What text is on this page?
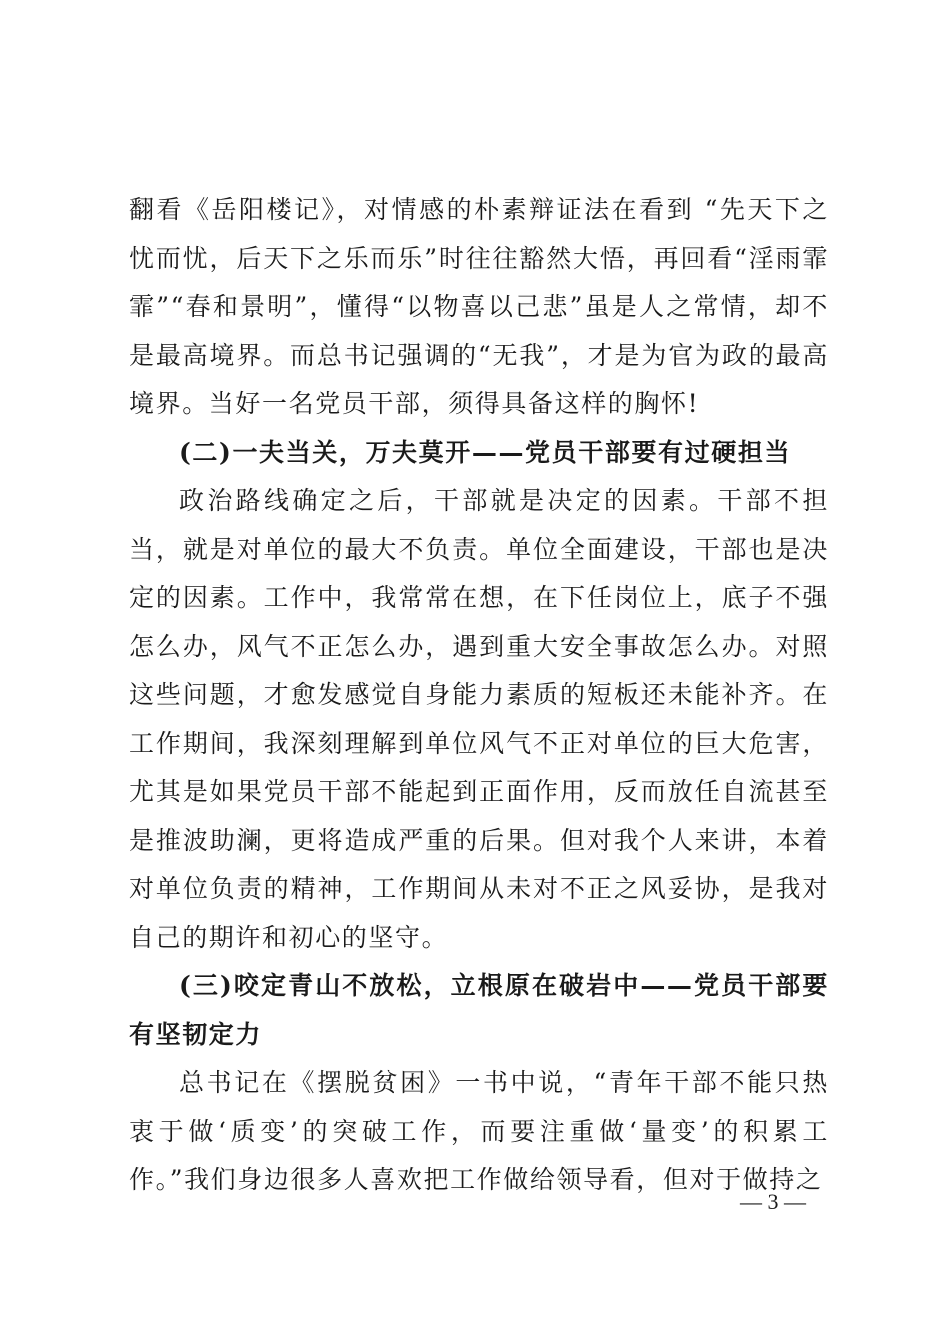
翻看《岳阳楼记》，对情感的朴素辩证法在看到 “先天下之忧而忧，后天下之乐而乐”时往往豁然大悟，再回看“淫雨霏霏”“春和景明”，懂得“以物喜以己悲”虽是人之常情，却不是最高境界。而总书记强调的“无我”，才是为官为政的最高境界。当好一名党员干部，须得具备这样的胸怀!

(二)一夫当关，万夫莫开——党员干部要有过硬担当

政治路线确定之后，干部就是决定的因素。干部不担当，就是对单位的最大不负责。单位全面建设，干部也是决定的因素。工作中，我常常在想，在下任岗位上，底子不强怎么办，风气不正怎么办，遇到重大安全事故怎么办。对照这些问题，才愈发感觉自身能力素质的短板还未能补齐。在工作期间，我深刻理解到单位风气不正对单位的巨大危害，尤其是如果党员干部不能起到正面作用，反而放任自流甚至是推波助澜，更将造成严重的后果。但对我个人来讲，本着对单位负责的精神，工作期间从未对不正之风妥协，是我对自己的期许和初心的坚守。

(三)咬定青山不放松，立根原在破岩中——党员干部要有坚韧定力

总书记在《摆脱贫困》一书中说，“青年干部不能只热衷于做‘质变’的突破工作，而要注重做‘量变’的积累工作。”我们身边很多人喜欢把工作做给领导看，但对于做持之

— 3 —
